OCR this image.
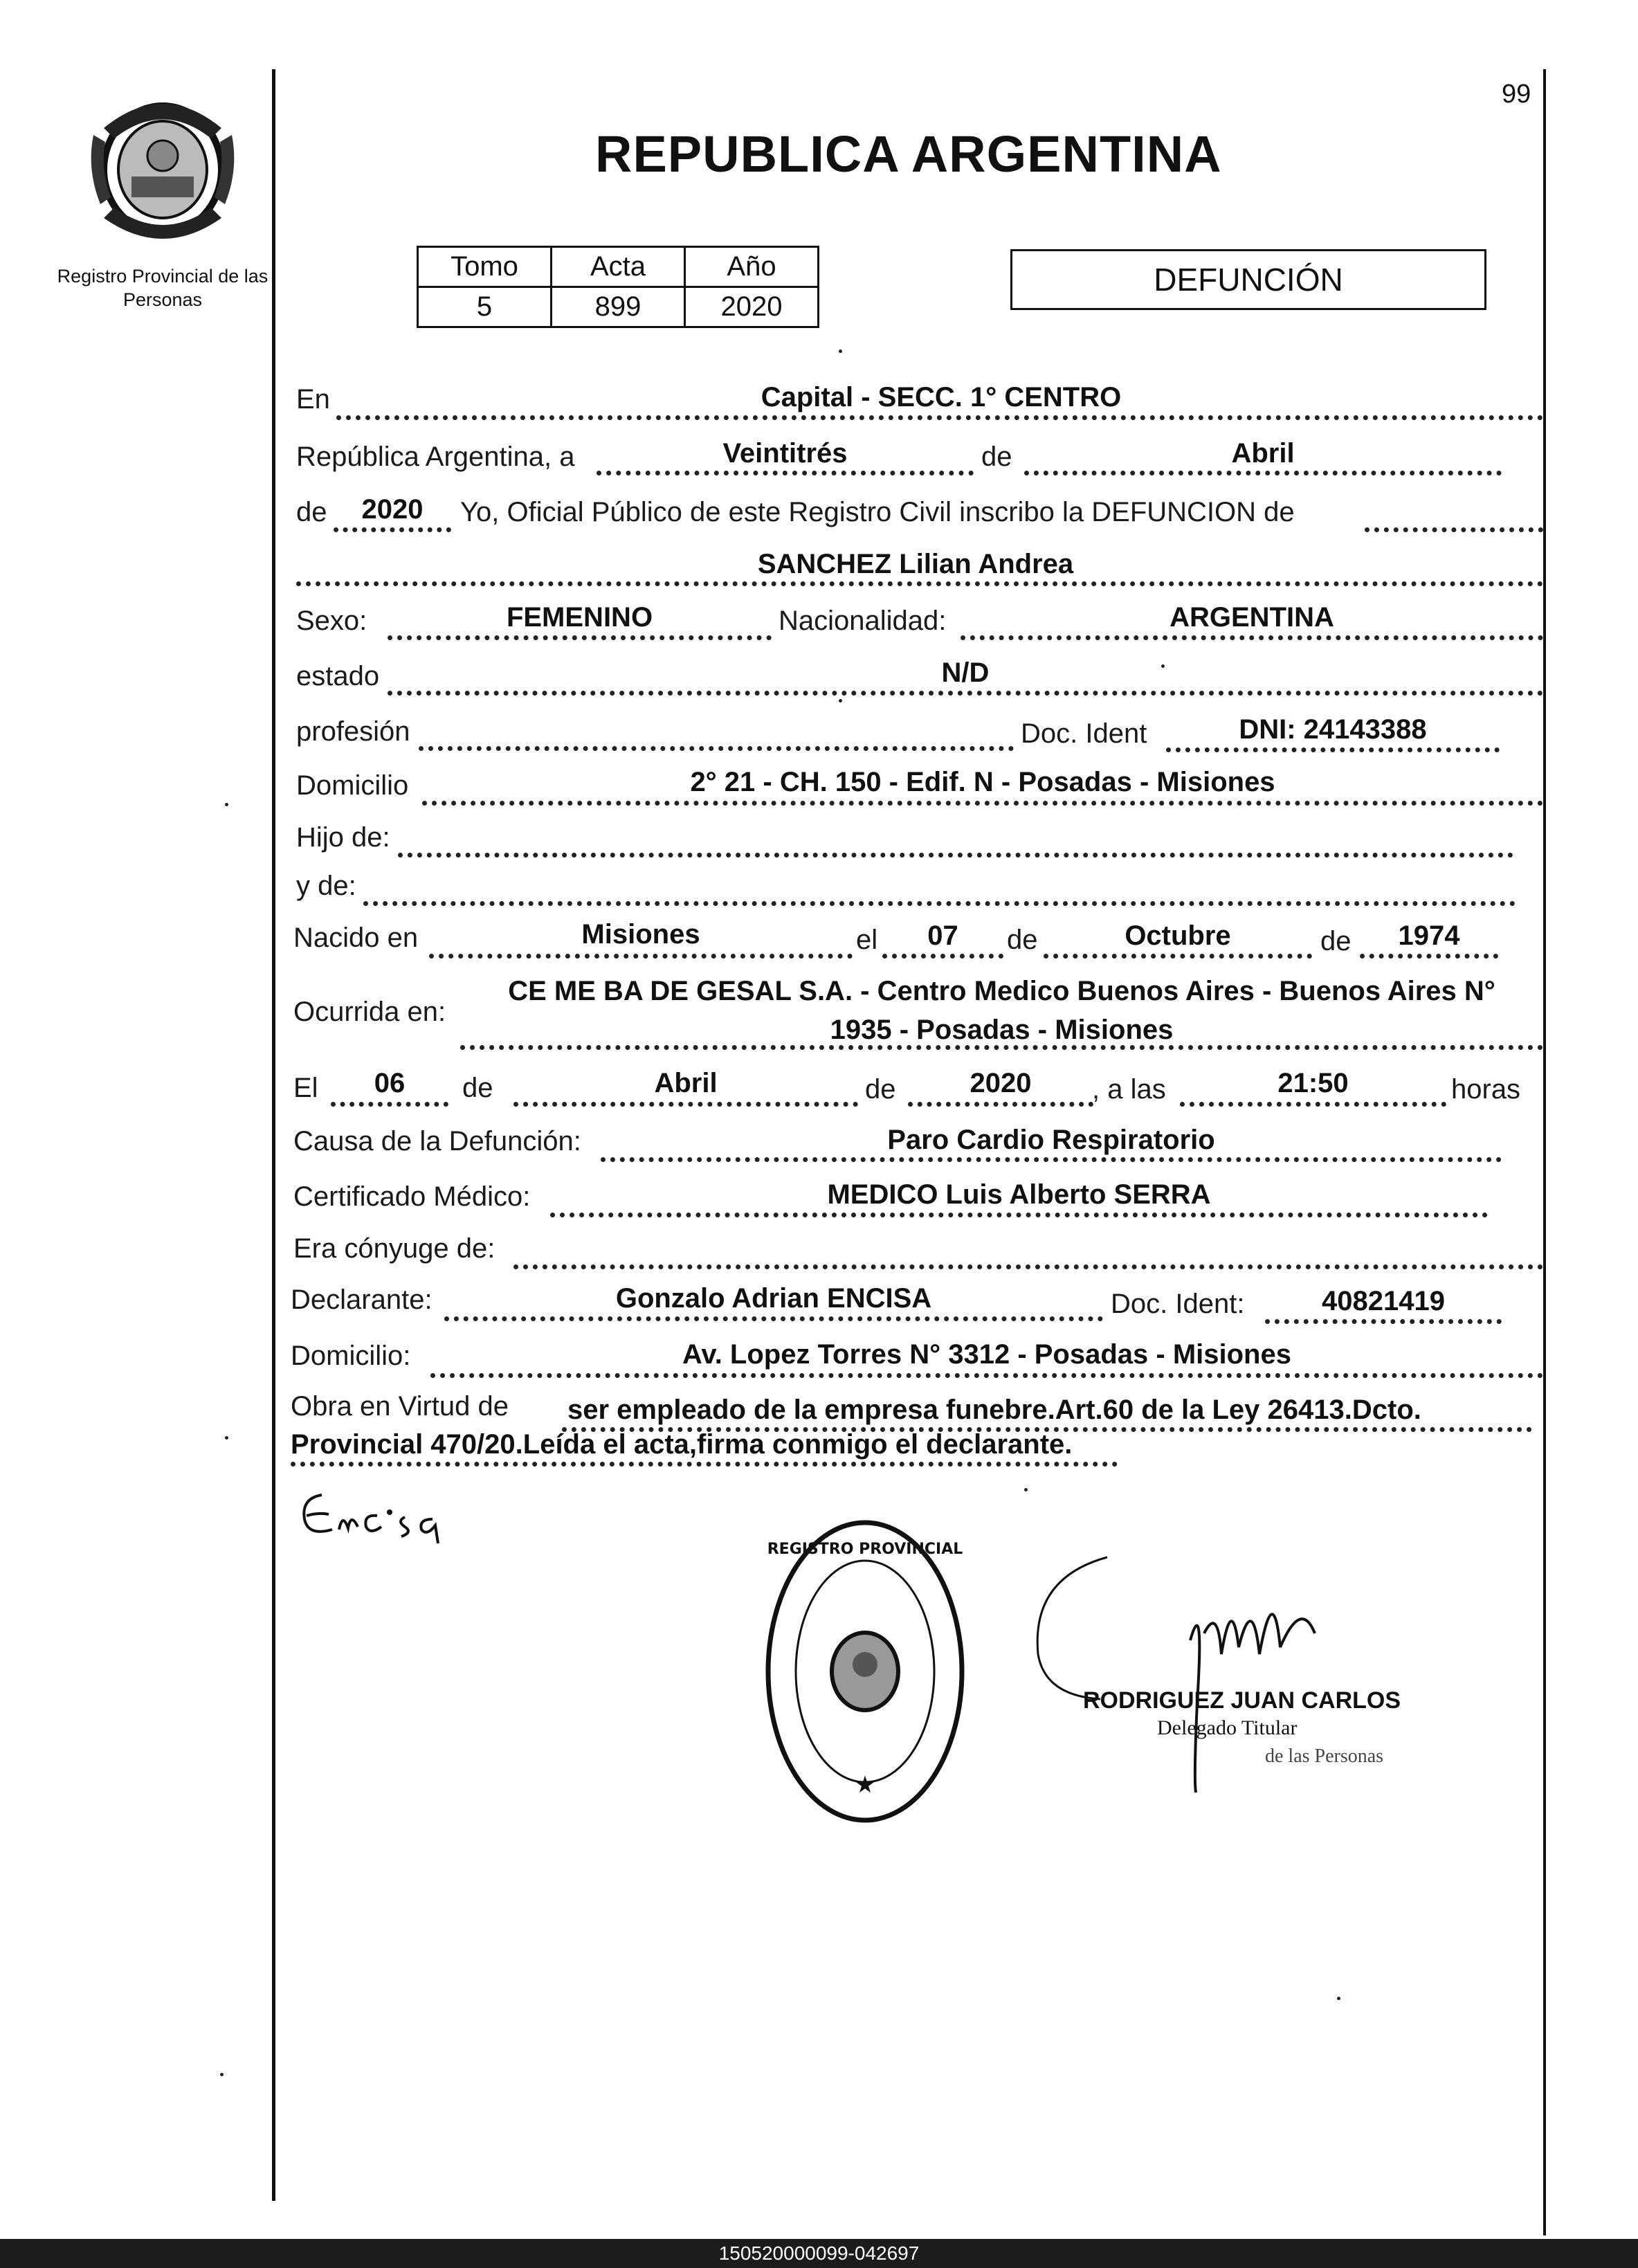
Registro Provincial de las Personas
99
REPUBLICA ARGENTINA
Tomo	Acta	Año
5	899	2020
DEFUNCIÓN
En	Capital - SECC. 1° CENTRO
República Argentina, a	Veintitrés	de	Abril
de	2020	Yo, Oficial Público de este Registro Civil inscribo la DEFUNCION de
SANCHEZ Lilian Andrea
Sexo:	FEMENINO	Nacionalidad:	ARGENTINA
estado	N/D
profesión	Doc. Ident	DNI: 24143388
Domicilio	2° 21 - CH. 150 - Edif. N - Posadas - Misiones
Hijo de:
y de:
Nacido en	Misiones	el	07	de	Octubre	de	1974
Ocurrida en:
CE ME BA DE GESAL S.A. - Centro Medico Buenos Aires - Buenos Aires N°
1935 - Posadas - Misiones
El	06	de	Abril	de	2020	, a las	21:50	horas
Causa de la Defunción:	Paro Cardio Respiratorio
Certificado Médico:	MEDICO Luis Alberto SERRA
Era cónyuge de:
Declarante:	Gonzalo Adrian ENCISA	Doc. Ident:	40821419
Domicilio:	Av. Lopez Torres N° 3312 - Posadas - Misiones
Obra en Virtud de ser empleado de la empresa funebre.Art.60 de la Ley 26413.Dcto.
Provincial 470/20.Leída el acta,firma conmigo el declarante.
★
REGISTRO PROVINCIAL
RODRIGUEZ JUAN CARLOS
Delegado Titular
de las Personas
150520000099-042697
